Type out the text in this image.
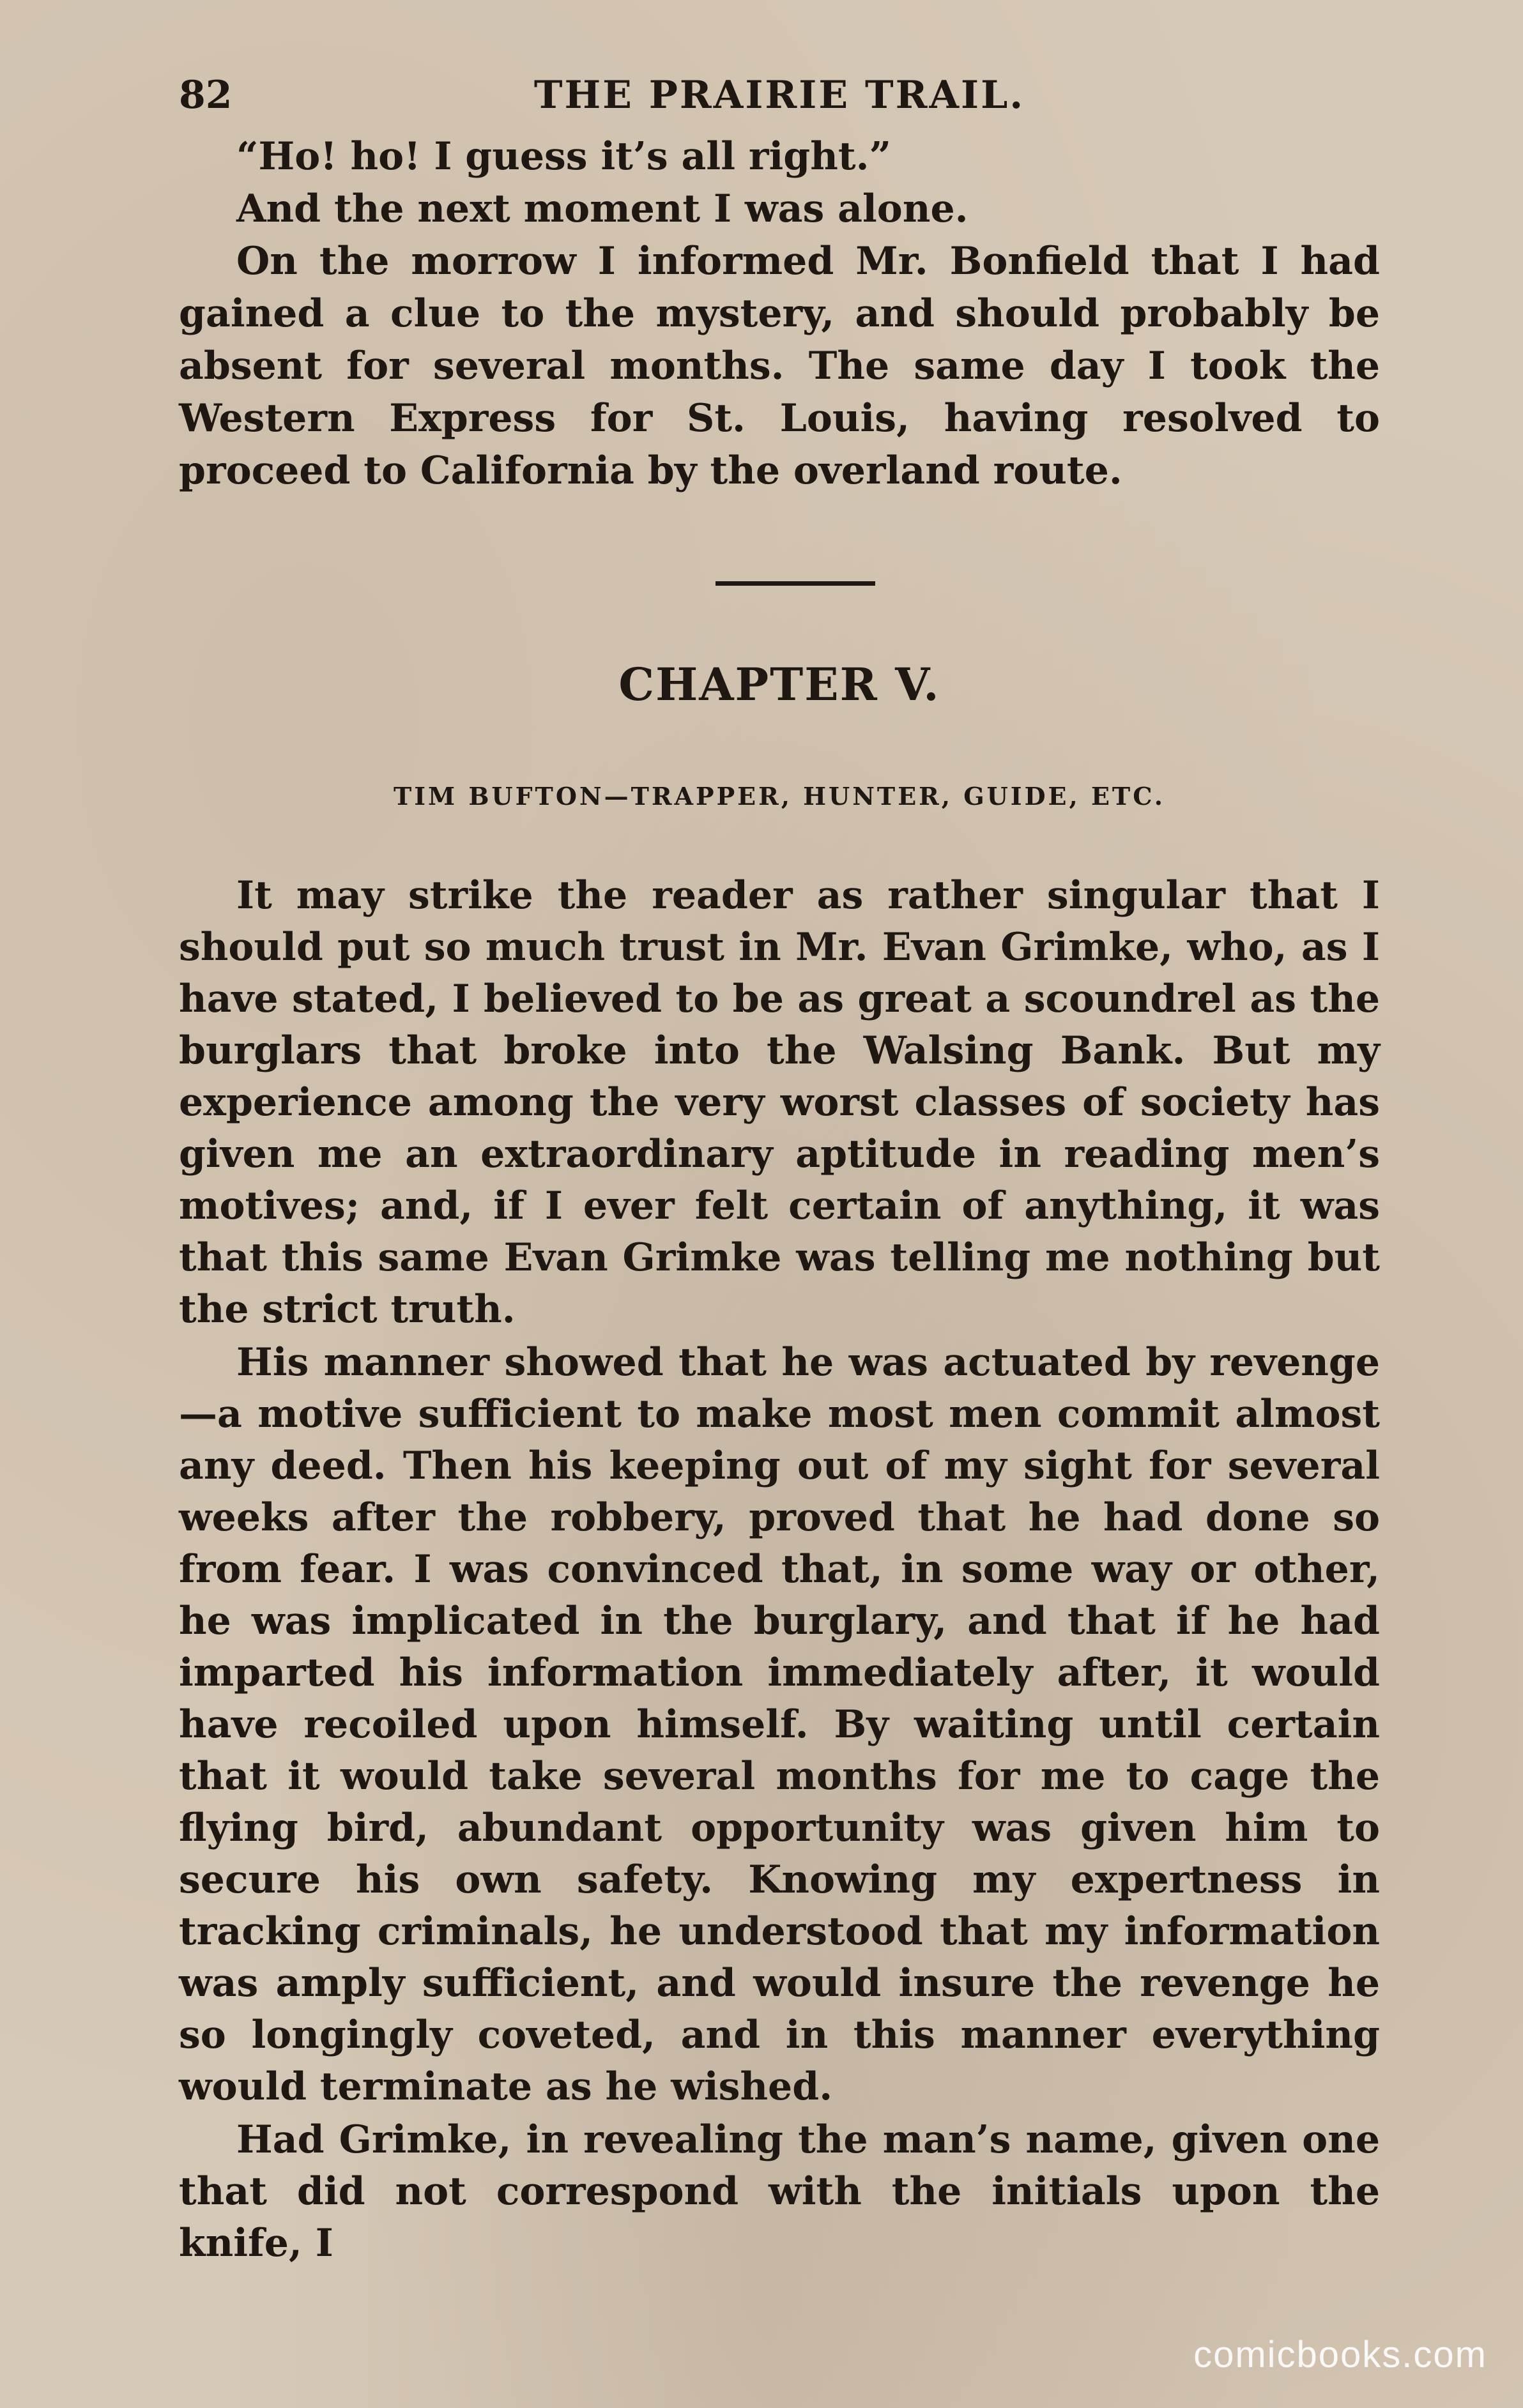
82	THE PRAIRIE TRAIL.

“Ho! ho! I guess it’s all right.”

And the next moment I was alone.

On the morrow I informed Mr. Bonfield that I had gained a clue to the mystery, and should probably be absent for several months. The same day I took the Western Express for St. Louis, having resolved to proceed to California by the overland route.

CHAPTER V.
TIM BUFTON—TRAPPER, HUNTER, GUIDE, ETC.

It may strike the reader as rather singular that I should put so much trust in Mr. Evan Grimke, who, as I have stated, I believed to be as great a scoundrel as the burglars that broke into the Walsing Bank. But my experience among the very worst classes of society has given me an extraordinary aptitude in reading men’s motives; and, if I ever felt certain of anything, it was that this same Evan Grimke was telling me nothing but the strict truth.

His manner showed that he was actuated by revenge—a motive sufficient to make most men commit almost any deed. Then his keeping out of my sight for several weeks after the robbery, proved that he had done so from fear. I was convinced that, in some way or other, he was implicated in the burglary, and that if he had imparted his information immediately after, it would have recoiled upon himself. By waiting until certain that it would take several months for me to cage the flying bird, abundant opportunity was given him to secure his own safety. Knowing my expertness in tracking criminals, he understood that my information was amply sufficient, and would insure the revenge he so longingly coveted, and in this manner everything would terminate as he wished.

Had Grimke, in revealing the man’s name, given one that did not correspond with the initials upon the knife, I

comicbooks.com
